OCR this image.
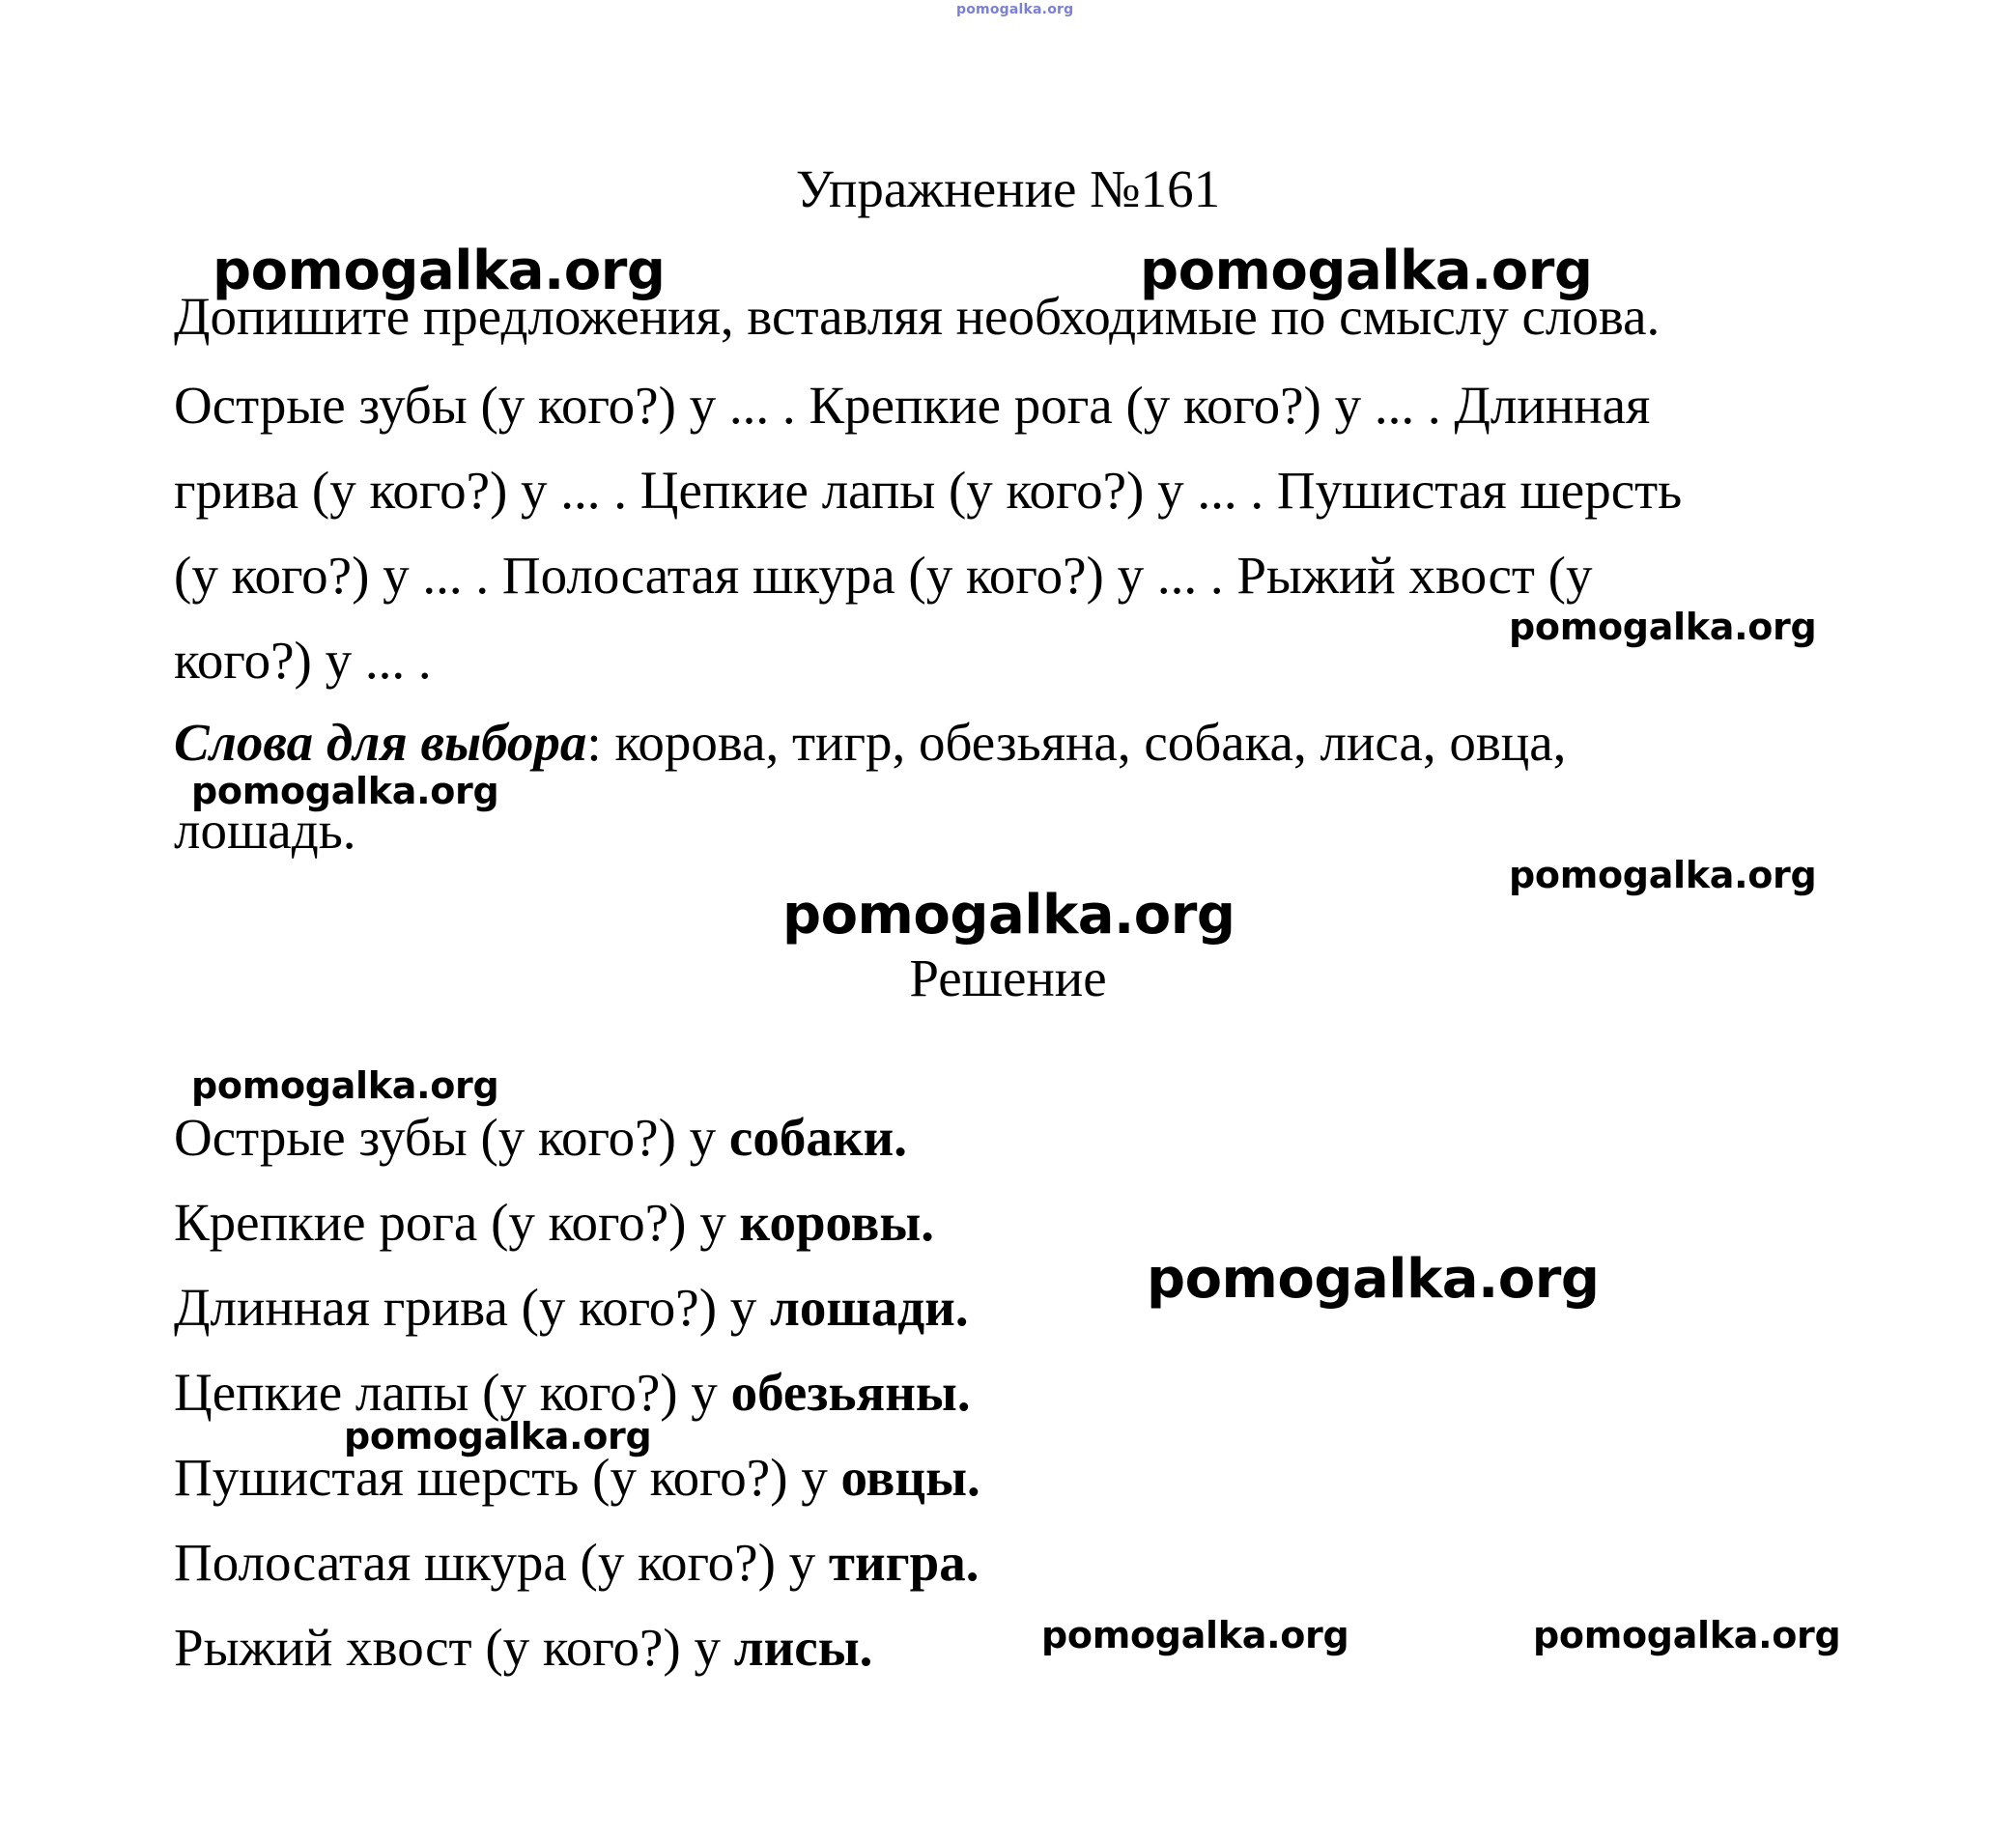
pomogalka.org
Упражнение №161

Допишите предложения, вставляя необходимые по смыслу слова.

Острые зубы (у кого?) у ... . Крепкие рога (у кого?) у ... . Длинная
грива (у кого?) у ... . Цепкие лапы (у кого?) у ... . Пушистая шерсть
(у кого?) у ... . Полосатая шкура (у кого?) у ... . Рыжий хвост (у
кого?) у ... .

Слова для выбора: корова, тигр, обезьяна, собака, лиса, овца,

лошадь.

Решение

Острые зубы (у кого?) у собаки.

Крепкие рога (у кого?) у коровы.

Длинная грива (у кого?) у лошади.

Цепкие лапы (у кого?) у обезьяны.

Пушистая шерсть (у кого?) у овцы.

Полосатая шкура (у кого?) у тигра.

Рыжий хвост (у кого?) у лисы.

pomogalka.org	pomogalka.org
pomogalka.org
pomogalka.org
pomogalka.org
pomogalka.org
pomogalka.org
pomogalka.org
pomogalka.org
pomogalka.org	pomogalka.org
